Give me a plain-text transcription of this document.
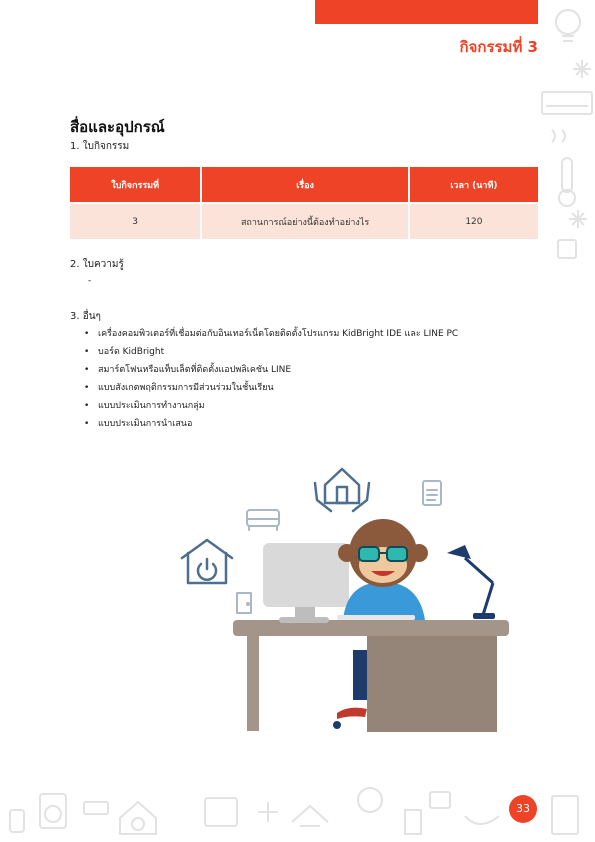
กิจกรรมที่ 3
สื่อและอุปกรณ์
1. ใบกิจกรรม
ใบกิจกรรมที่	เรื่อง	เวลา (นาที)
3	สถานการณ์อย่างนี้ต้องทำอย่างไร	120
2. ใบความรู้
-
3. อื่นๆ
• เครื่องคอมพิวเตอร์ที่เชื่อมต่อกับอินเทอร์เน็ตโดยติดตั้งโปรแกรม KidBright IDE และ LINE PC
• บอร์ด KidBright
• สมาร์ตโฟนหรือแท็บเล็ตที่ติดตั้งแอปพลิเคชัน LINE
• แบบสังเกตพฤติกรรมการมีส่วนร่วมในชั้นเรียน
• แบบประเมินการทำงานกลุ่ม
• แบบประเมินการนำเสนอ
33
